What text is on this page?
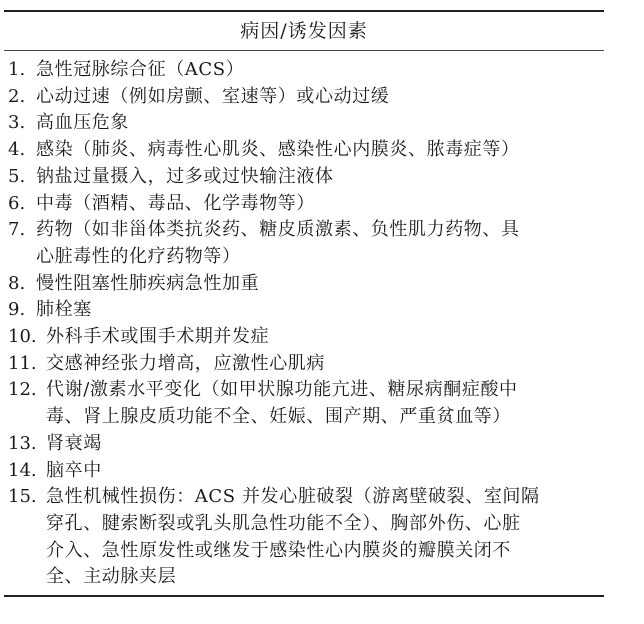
病因/诱发因素
1. 急性冠脉综合征（ACS）
2. 心动过速（例如房颤、室速等）或心动过缓
3. 高血压危象
4. 感染（肺炎、病毒性心肌炎、感染性心内膜炎、脓毒症等）
5. 钠盐过量摄入，过多或过快输注液体
6. 中毒（酒精、毒品、化学毒物等）
7. 药物（如非甾体类抗炎药、糖皮质激素、负性肌力药物、具
心脏毒性的化疗药物等）
8. 慢性阻塞性肺疾病急性加重
9. 肺栓塞
10. 外科手术或围手术期并发症
11. 交感神经张力增高，应激性心肌病
12. 代谢/激素水平变化（如甲状腺功能亢进、糖尿病酮症酸中
毒、肾上腺皮质功能不全、妊娠、围产期、严重贫血等）
13. 肾衰竭
14. 脑卒中
15. 急性机械性损伤：ACS 并发心脏破裂（游离壁破裂、室间隔
穿孔、腱索断裂或乳头肌急性功能不全）、胸部外伤、心脏
介入、急性原发性或继发于感染性心内膜炎的瓣膜关闭不
全、主动脉夹层
